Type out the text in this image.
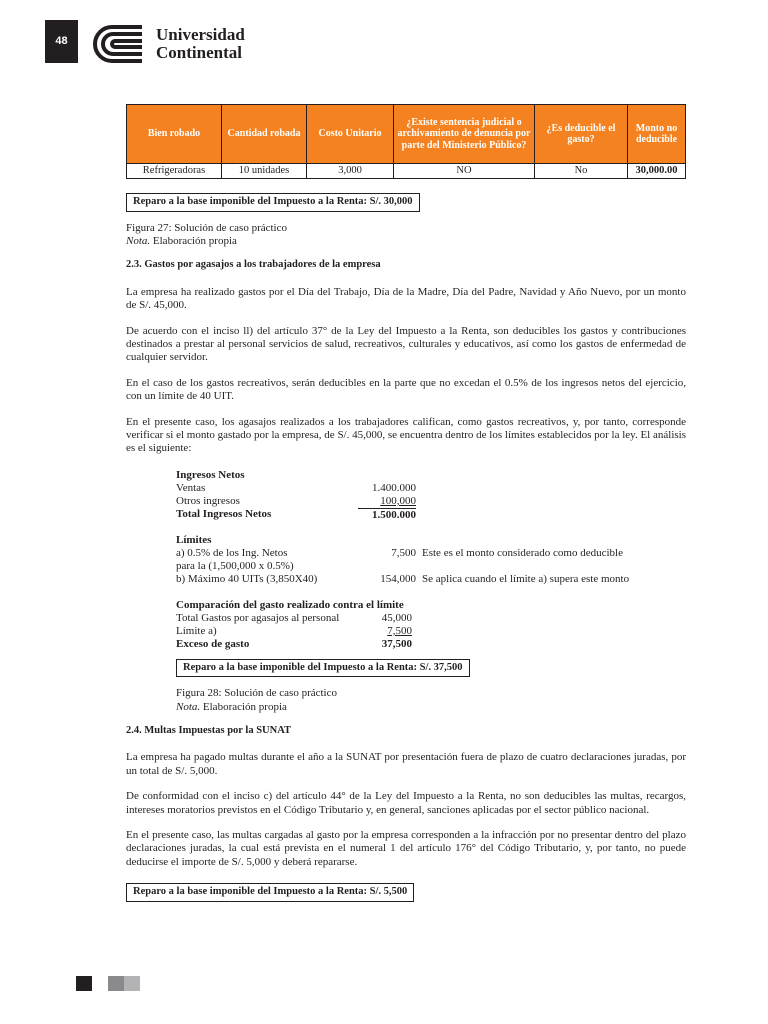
48	Universidad
Continental
Bien robado	Cantidad robada	Costo Unitario	¿Existe sentencia judicial o archivamiento de denuncia por parte del Ministerio Público?	¿Es deducible el gasto?	Monto no deducible
Refrigeradoras	10 unidades	3,000	NO	No	30,000.00
Reparo a la base imponible del Impuesto a la Renta: S/. 30,000
Figura 27: Solución de caso práctico
Nota. Elaboración propia
2.3. Gastos por agasajos a los trabajadores de la empresa

La empresa ha realizado gastos por el Día del Trabajo, Día de la Madre, Día del Padre, Navidad y Año Nuevo, por un monto de S/. 45,000.

De acuerdo con el inciso ll) del artículo 37° de la Ley del Impuesto a la Renta, son deducibles los gastos y contribuciones destinados a prestar al personal servicios de salud, recreativos, culturales y educativos, así como los gastos de enfermedad de cualquier servidor.

En el caso de los gastos recreativos, serán deducibles en la parte que no excedan el 0.5% de los ingresos netos del ejercicio, con un límite de 40 UIT.

En el presente caso, los agasajos realizados a los trabajadores califican, como gastos recreativos, y, por tanto, corresponde verificar si el monto gastado por la empresa, de S/. 45,000, se encuentra dentro de los límites establecidos por la ley. El análisis es el siguiente:

Ingresos Netos
Ventas	1.400.000
Otros ingresos	100,000
Total Ingresos Netos	1.500.000
Límites
a) 0.5% de los Ing. Netos	7,500 Este es el monto considerado como deducible
para la (1,500,000 x 0.5%)
b) Máximo 40 UITs (3,850X40)	154,000 Se aplica cuando el límite a) supera este monto
Comparación del gasto realizado contra el límite
Total Gastos por agasajos al personal	45,000
Límite a)	7,500
Exceso de gasto	37,500
Reparo a la base imponible del Impuesto a la Renta: S/. 37,500
Figura 28: Solución de caso práctico
Nota. Elaboración propia
2.4. Multas Impuestas por la SUNAT

La empresa ha pagado multas durante el año a la SUNAT por presentación fuera de plazo de cuatro declaraciones juradas, por un total de S/. 5,000.

De conformidad con el inciso c) del artículo 44° de la Ley del Impuesto a la Renta, no son deducibles las multas, recargos, intereses moratorios previstos en el Código Tributario y, en general, sanciones aplicadas por el sector público nacional.

En el presente caso, las multas cargadas al gasto por la empresa corresponden a la infracción por no presentar dentro del plazo declaraciones juradas, la cual está prevista en el numeral 1 del artículo 176° del Código Tributario, y, por tanto, no puede deducirse el importe de S/. 5,000 y deberá repararse.

Reparo a la base imponible del Impuesto a la Renta: S/. 5,500
